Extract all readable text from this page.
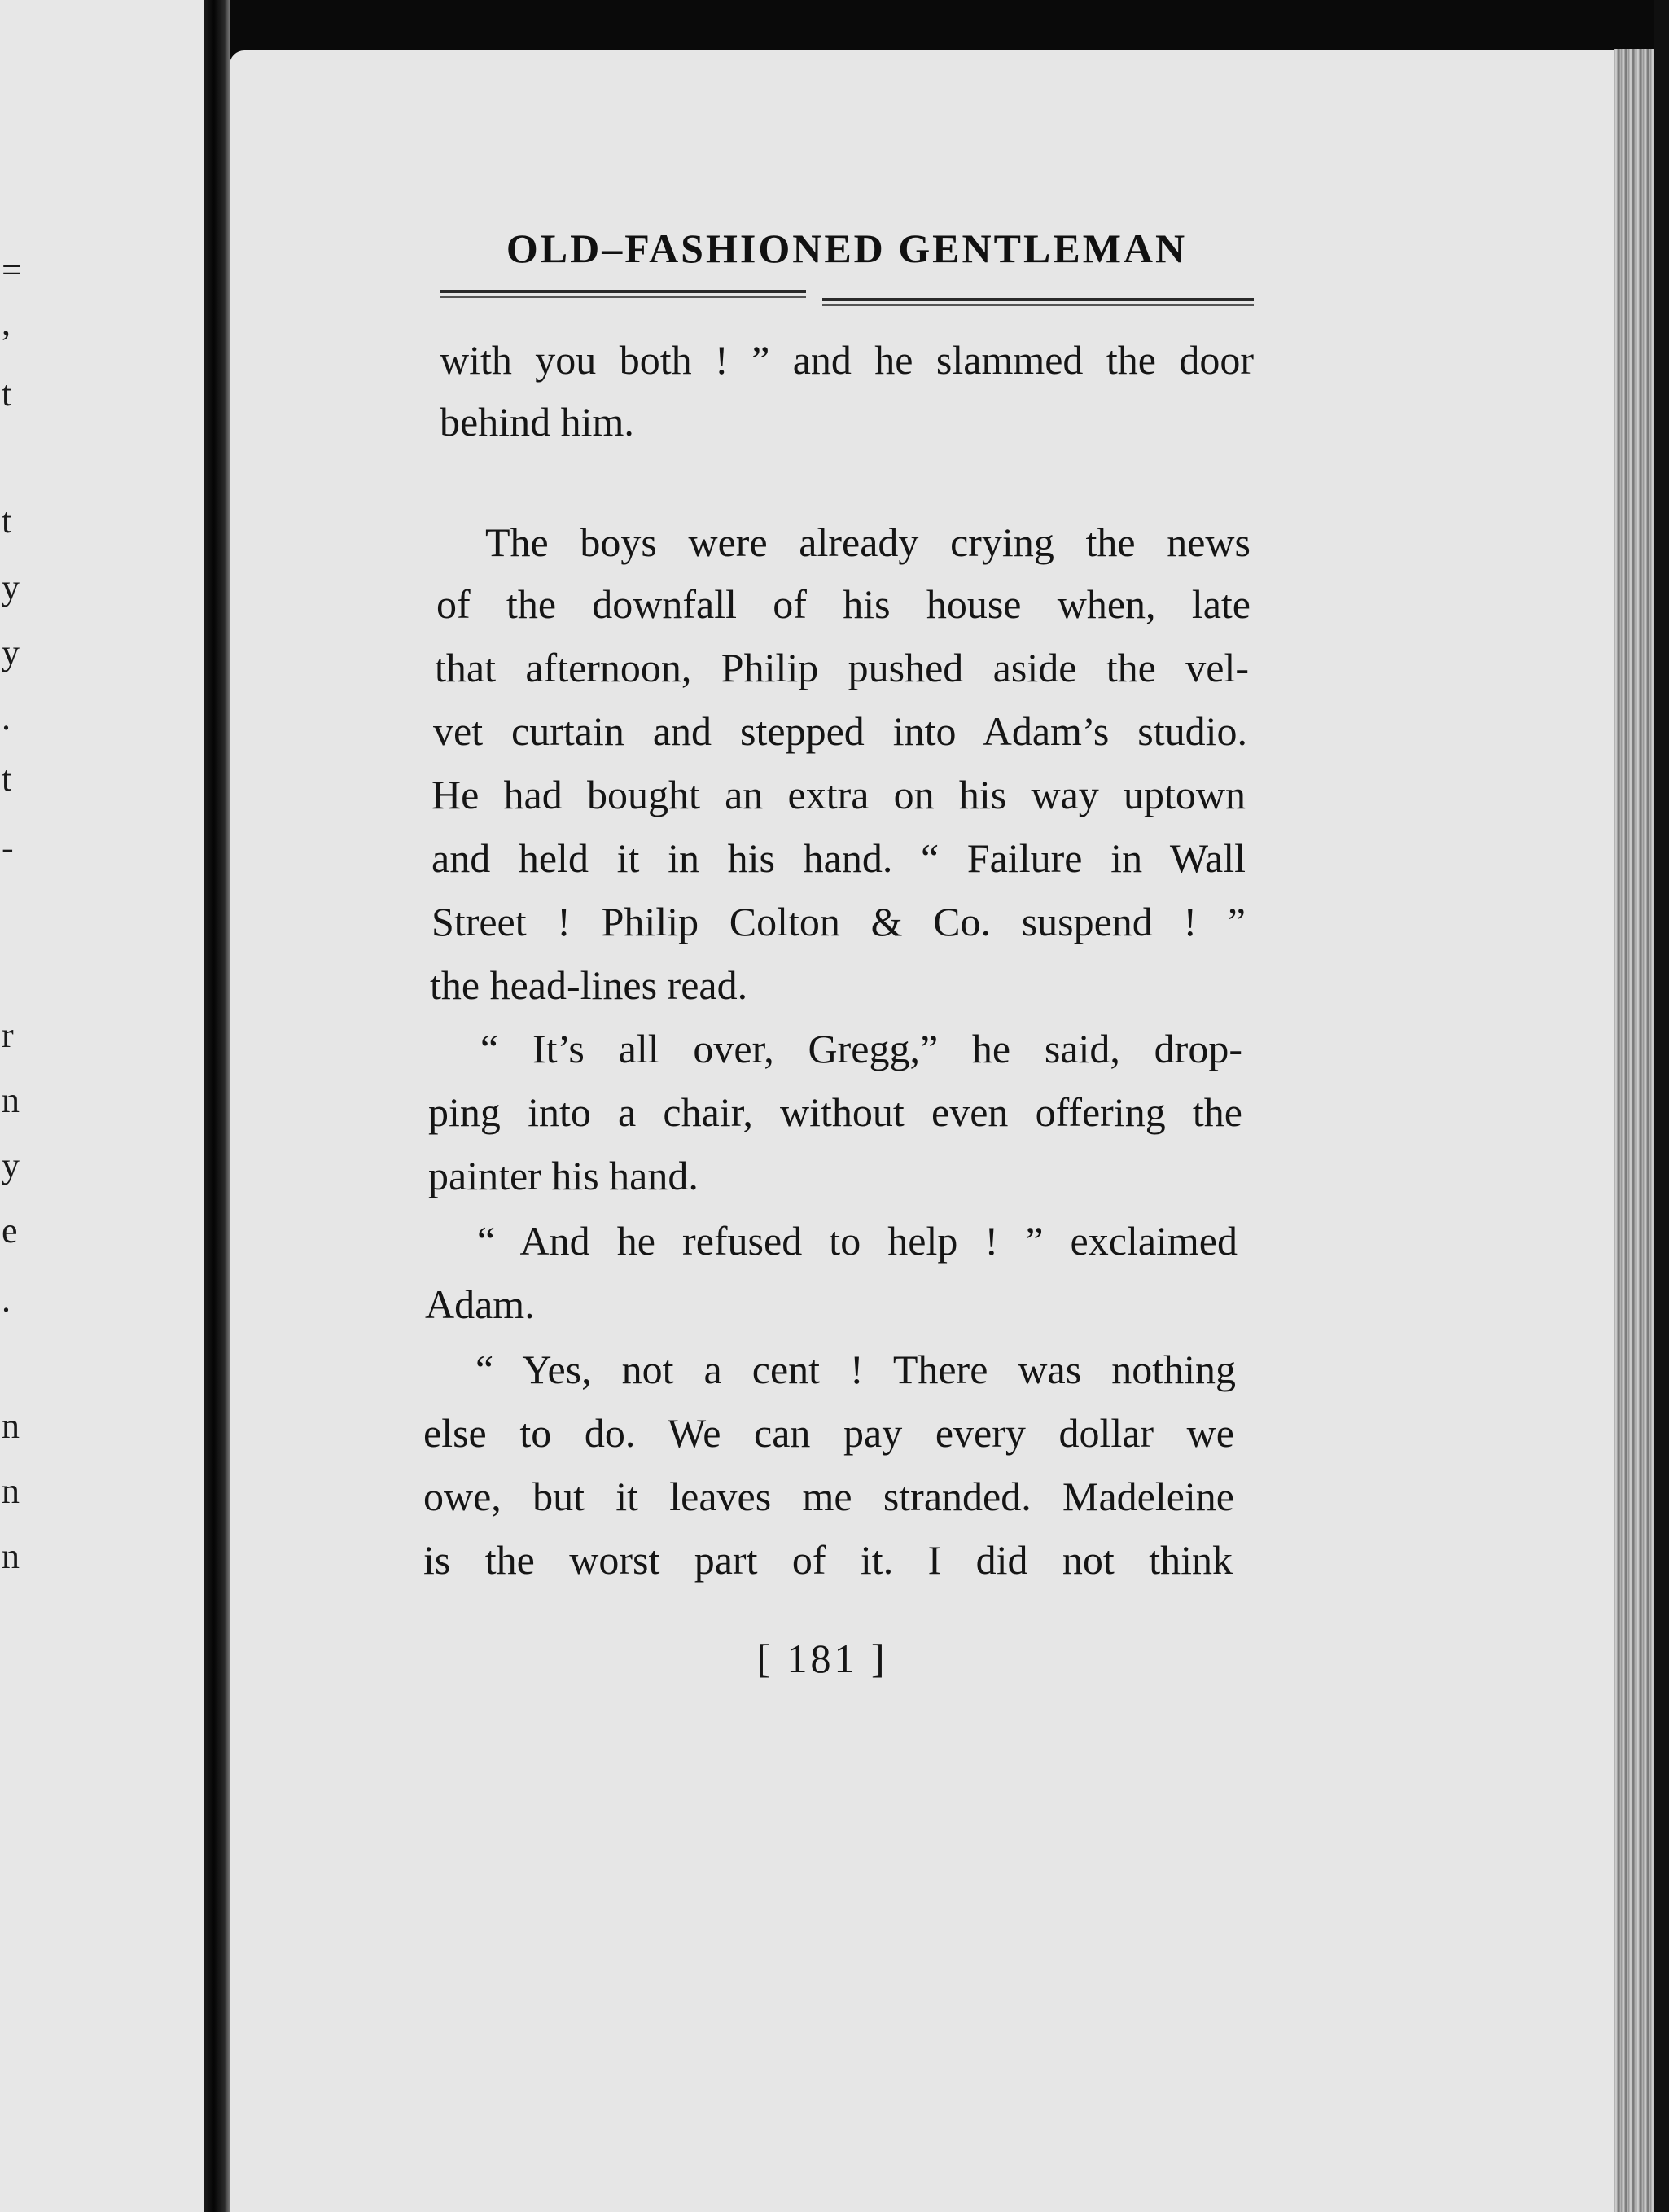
=
,
t
t
y
y
.
t
-
r
n
y
e
.
n
n
n
OLD–FASHIONED GENTLEMAN
with you both ! ” and he slammed the door
behind him.
The boys were already crying the news
of the downfall of his house when, late
that afternoon, Philip pushed aside the vel-
vet curtain and stepped into Adam’s studio.
He had bought an extra on his way uptown
and held it in his hand. “ Failure in Wall
Street ! Philip Colton & Co. suspend ! ”
the head-lines read.
“ It’s all over, Gregg,” he said, drop-
ping into a chair, without even offering the
painter his hand.
“ And he refused to help ! ” exclaimed
Adam.
“ Yes, not a cent ! There was nothing
else to do. We can pay every dollar we
owe, but it leaves me stranded. Madeleine
is the worst part of it. I did not think
[ 181 ]
